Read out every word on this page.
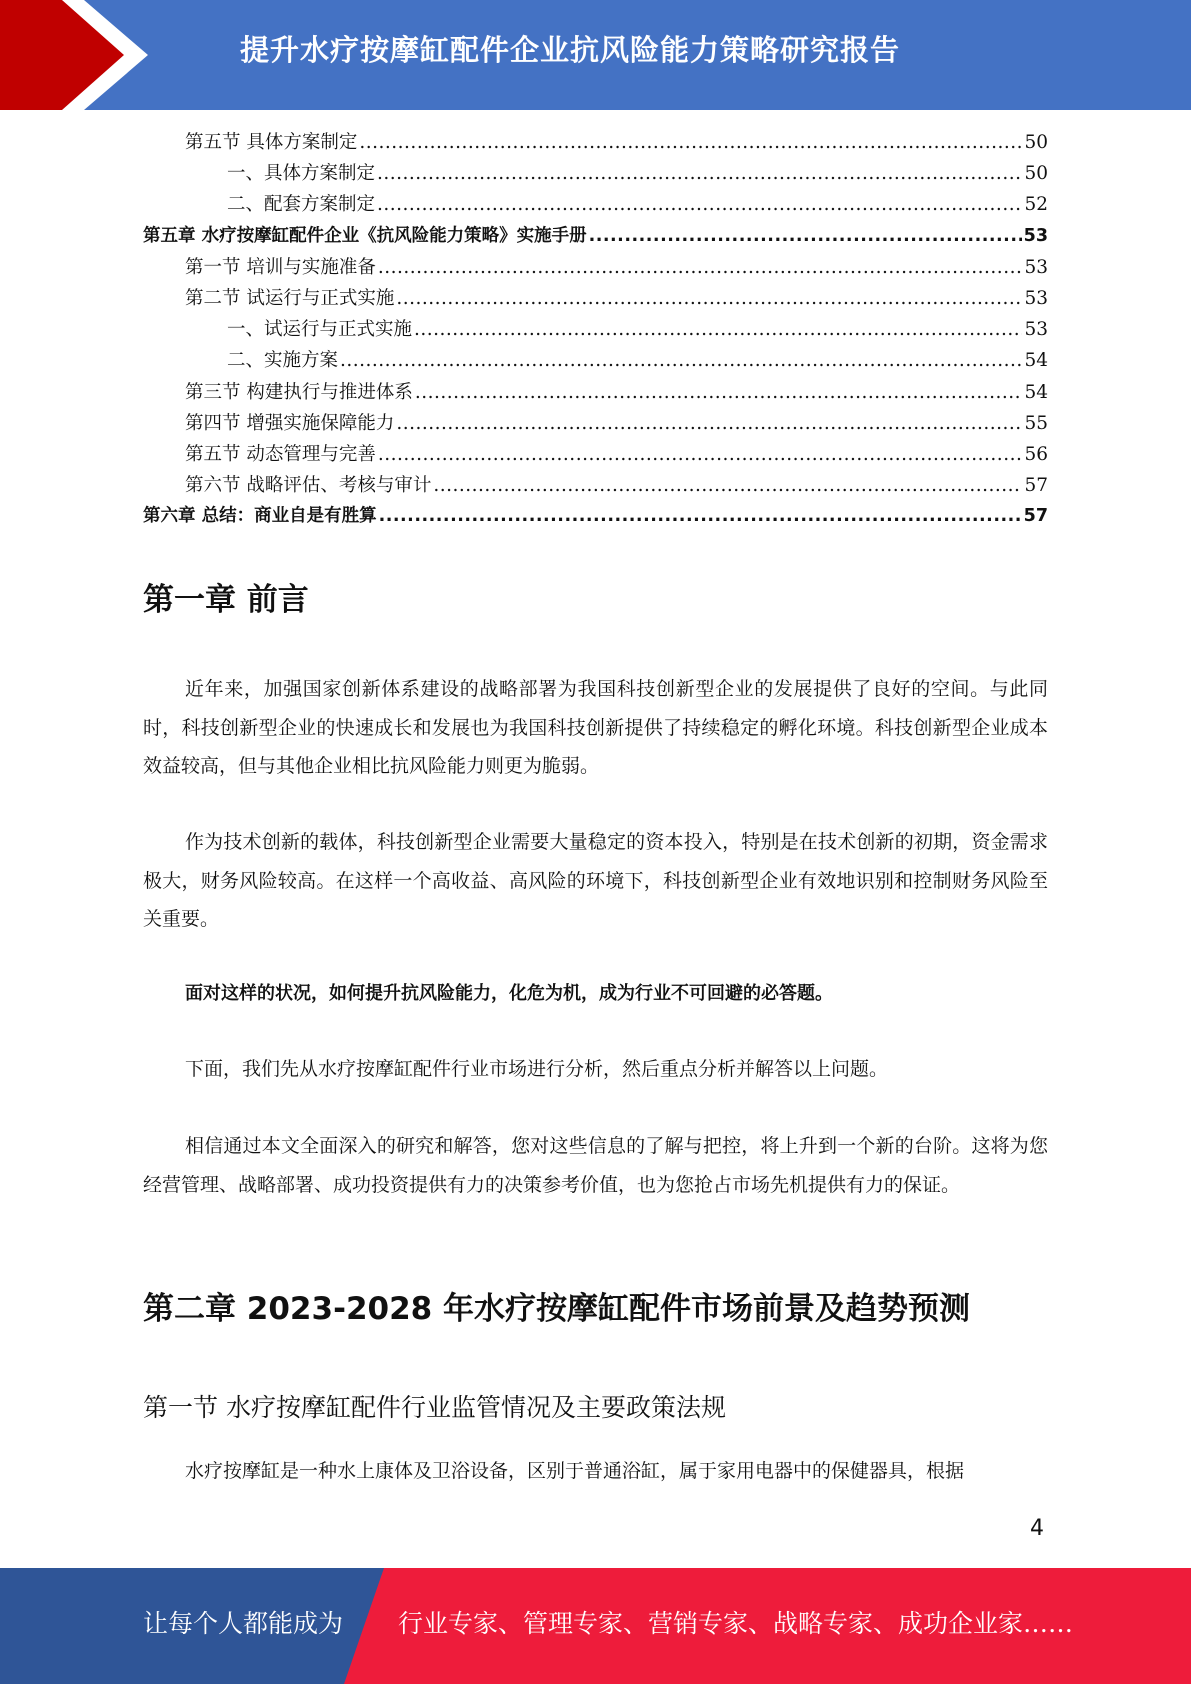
提升水疗按摩缸配件企业抗风险能力策略研究报告
第五节 具体方案制定 .....	50
一、具体方案制定 .....	50
二、配套方案制定 .....	52
第五章 水疗按摩缸配件企业《抗风险能力策略》实施手册 .....	53
第一节 培训与实施准备 .....	53
第二节 试运行与正式实施 .....	53
一、试运行与正式实施 .....	53
二、实施方案 .....	54
第三节 构建执行与推进体系 .....	54
第四节 增强实施保障能力 .....	55
第五节 动态管理与完善 .....	56
第六节 战略评估、考核与审计 .....	57
第六章 总结：商业自是有胜算 .....	57
第一章 前言
近年来，加强国家创新体系建设的战略部署为我国科技创新型企业的发展提供了良好的空间。与此同时，科技创新型企业的快速成长和发展也为我国科技创新提供了持续稳定的孵化环境。科技创新型企业成本效益较高，但与其他企业相比抗风险能力则更为脆弱。
作为技术创新的载体，科技创新型企业需要大量稳定的资本投入，特别是在技术创新的初期，资金需求极大，财务风险较高。在这样一个高收益、高风险的环境下，科技创新型企业有效地识别和控制财务风险至关重要。
面对这样的状况，如何提升抗风险能力，化危为机，成为行业不可回避的必答题。
下面，我们先从水疗按摩缸配件行业市场进行分析，然后重点分析并解答以上问题。
相信通过本文全面深入的研究和解答，您对这些信息的了解与把控，将上升到一个新的台阶。这将为您经营管理、战略部署、成功投资提供有力的决策参考价值，也为您抢占市场先机提供有力的保证。
第二章 2023-2028 年水疗按摩缸配件市场前景及趋势预测
第一节 水疗按摩缸配件行业监管情况及主要政策法规
水疗按摩缸是一种水上康体及卫浴设备，区别于普通浴缸，属于家用电器中的保健器具，根据
4
让每个人都能成为 行业专家、管理专家、营销专家、战略专家、成功企业家……
